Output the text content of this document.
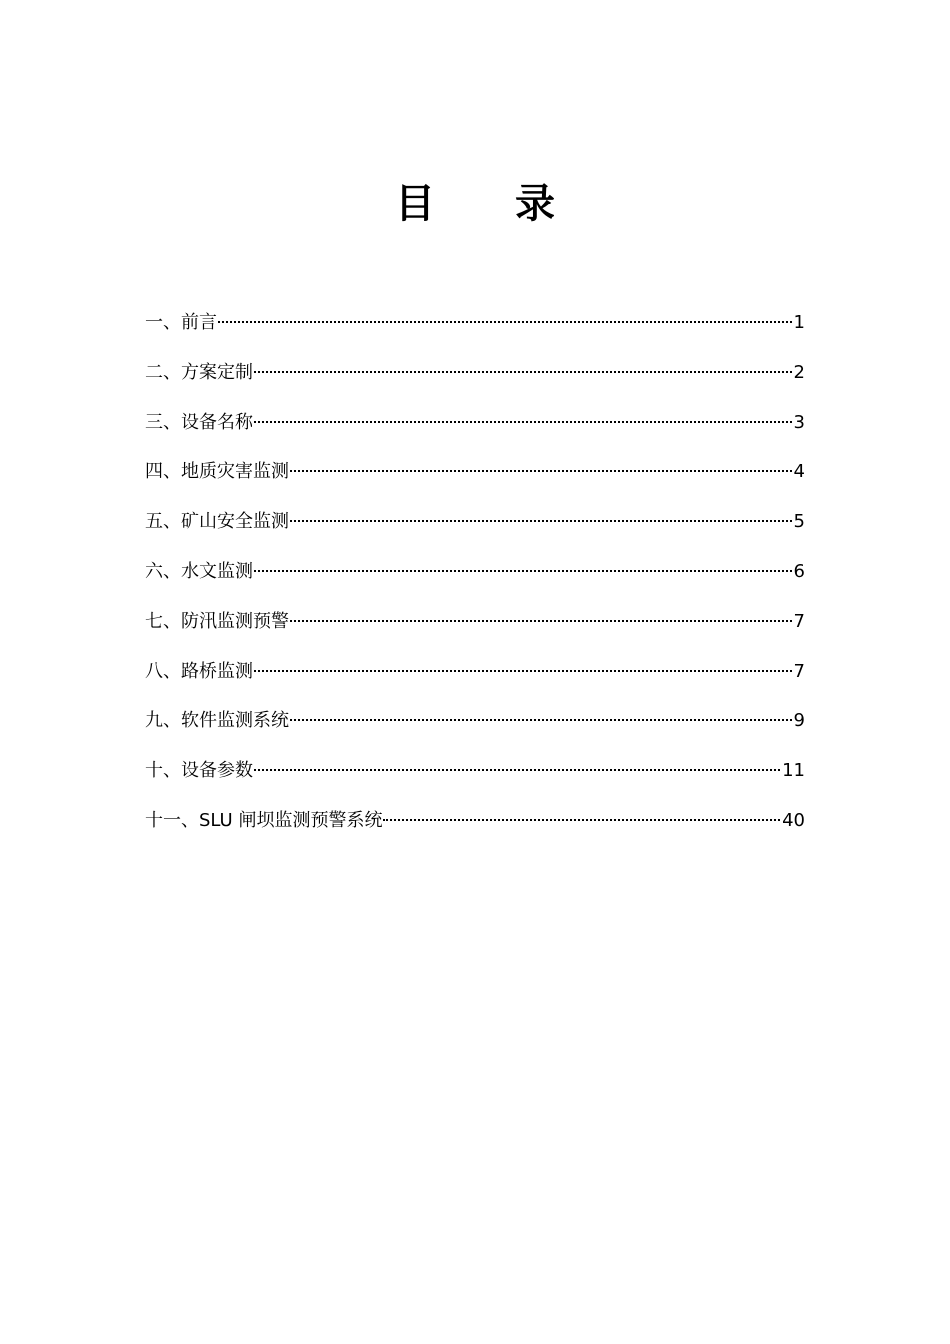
目 录
一、前言	1
二、方案定制	2
三、设备名称	3
四、地质灾害监测	4
五、矿山安全监测	5
六、水文监测	6
七、防汛监测预警	7
八、路桥监测	7
九、软件监测系统	9
十、设备参数	11
十一、SLU 闸坝监测预警系统	40
